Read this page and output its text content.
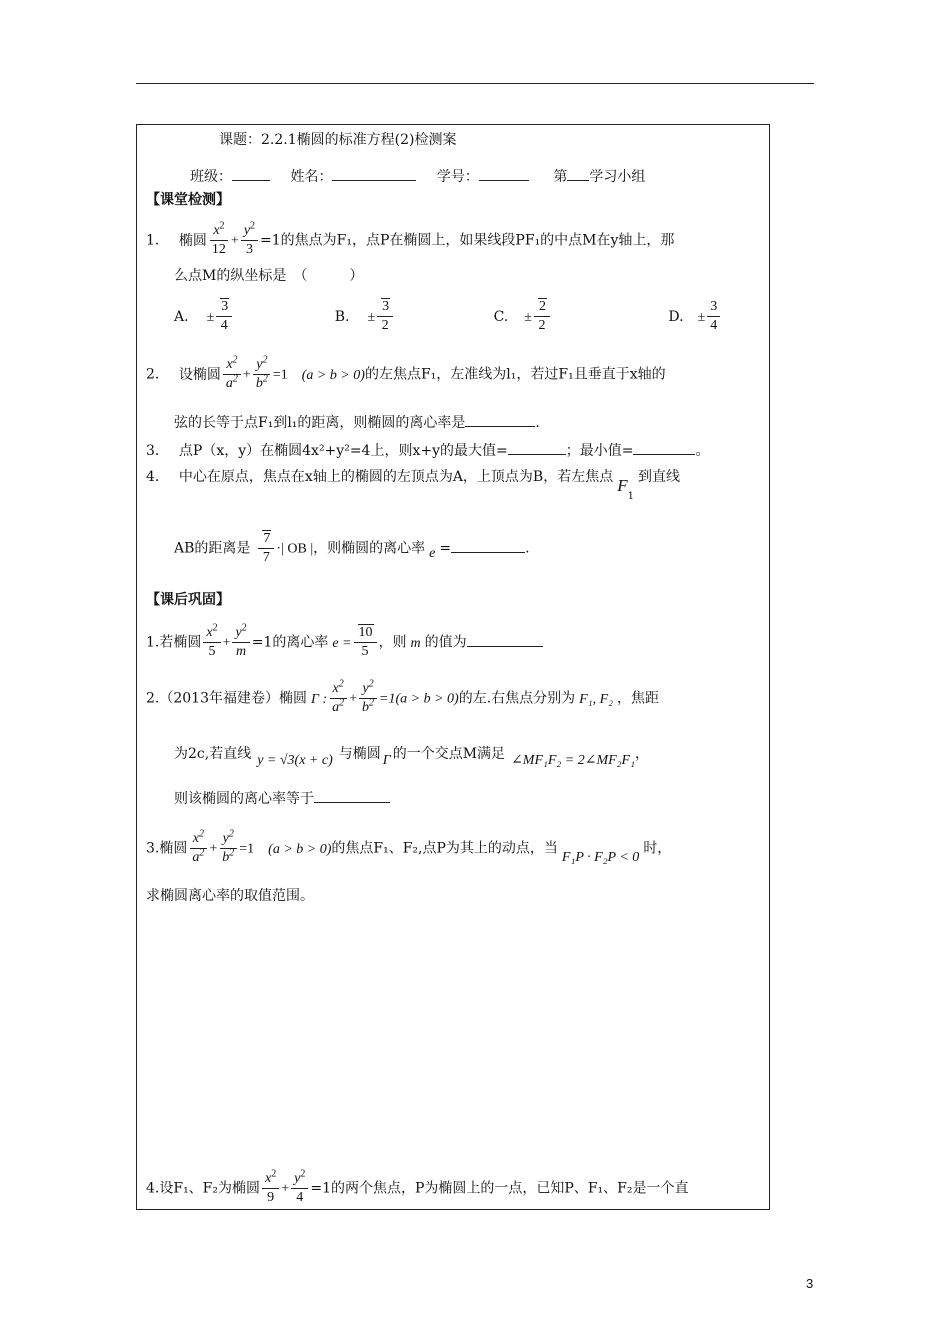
课题：2.2.1椭圆的标准方程(2)检测案
班级：	姓名：	学号：	第 学习小组
【课堂检测】
1． 椭圆 $\frac{x^2}{12} + \frac{y^2}{3} =1$的焦点为F₁，点P在椭圆上，如果线段PF₁的中点M在y轴上，那
么点M的纵坐标是　（　　　）
A. ± $\frac{3}{4}$	B. ± $\frac{3}{2}$	C. ± $\frac{2}{2}$	D. ± $\frac{3}{4}$
2． 设椭圆 $\frac{x^2}{a^2} + \frac{y^2}{b^2} =1$ (a > b > 0)的左焦点F₁，左准线为l₁，若过F₁且垂直于x轴的
弦的长等于点F₁到l₁的距离，则椭圆的离心率是	.
3． 点P（x，y）在椭圆4x²+y²=4上，则x+y的最大值=	；最小值=	。
4． 中心在原点，焦点在x轴上的椭圆的左顶点为A，上顶点为B，若左焦点 $F_1$到直线
AB的距离是 $\frac{7}{7}$ ·| OB |，则椭圆的离心率 e =	.
【课后巩固】
1.若椭圆 $\frac{x^2}{5} + \frac{y^2}{m} =1$的离心率 $e = \frac{10}{5}$ ，则 m 的值为
2.（2013年福建卷）椭圆 Γ : $\frac{x^2}{a^2} + \frac{y^2}{b^2} =1(a > b > 0)$的左.右焦点分别为 F₁, F₂ ，焦距
为2c,若直线 y = √3(x + c) 与椭圆 Γ 的一个交点M满足 ∠MF₁F₂ = 2∠MF₂F₁，
则该椭圆的离心率等于
3.椭圆 $\frac{x^2}{a^2} + \frac{y^2}{b^2} =1$ (a > b > 0)的焦点F₁、F₂,点P为其上的动点，当F₁P · F₂P < 0时，
求椭圆离心率的取值范围。
4.设F₁、F₂为椭圆 $\frac{x^2}{9} + \frac{y^2}{4} =1$的两个焦点，P为椭圆上的一点，已知P、F₁、F₂是一个直
3
